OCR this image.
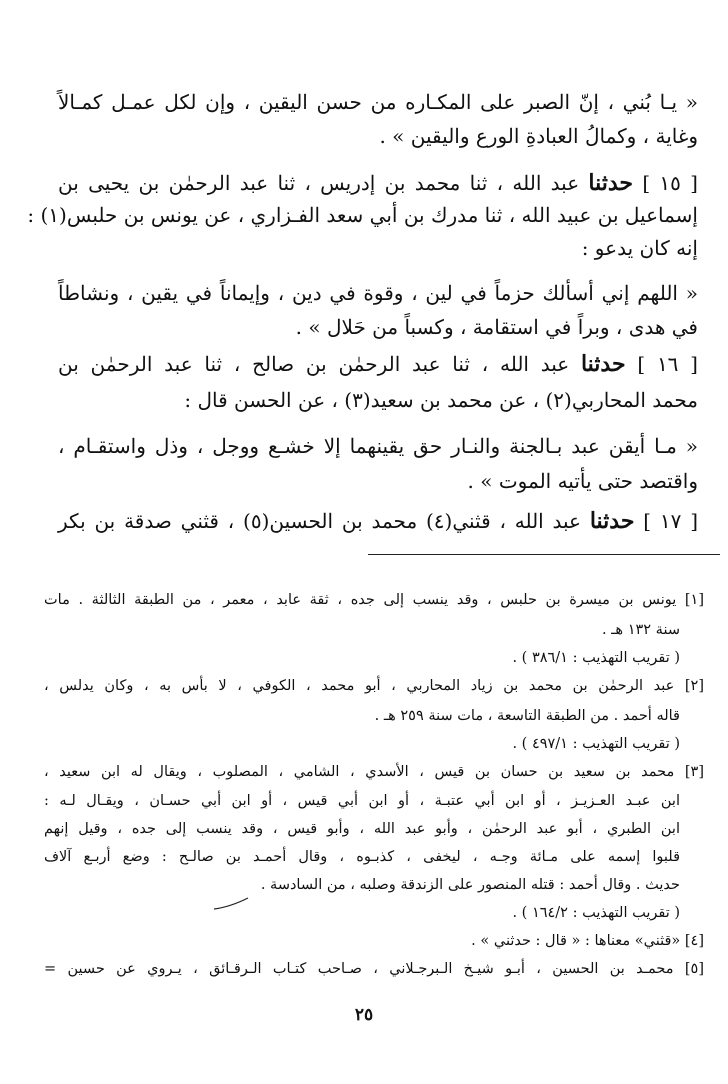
« يـا بُني ، إنّ الصبر على المكـاره من حسن اليقين ، وإن لكل عمـل كمـالاً
وغاية ، وكمالُ العبادةِ الورع واليقين » .
[ ١٥ ] حدثنا عبد الله ، ثنا محمد بن إدريس ، ثنا عبد الرحمٰن بن يحيى بن
إسماعيل بن عبيد الله ، ثنا مدرك بن أبي سعد الفـزاري ، عن يونس بن حلبس(١) :
إنه كان يدعو :
« اللهم إني أسألك حزماً في لين ، وقوة في دين ، وإيماناً في يقين ، ونشاطاً
في هدى ، وبراً في استقامة ، وكسباً من حَلال » .
[ ١٦ ] حدثنا عبد الله ، ثنا عبد الرحمٰن بن صالح ، ثنا عبد الرحمٰن بن
محمد المحاربي(٢) ، عن محمد بن سعيد(٣) ، عن الحسن قال :
« مـا أيقن عبد بـالجنة والنـار حق يقينهما إلا خشـع ووجل ، وذل واستقـام ،
واقتصد حتى يأتيه الموت » .
[ ١٧ ] حدثنا عبد الله ، قثني(٤) محمد بن الحسين(٥) ، قثني صدقة بن بكر
[١] يونس بن ميسرة بن حلبس ، وقد ينسب إلى جده ، ثقة عابد ، معمر ، من الطبقة الثالثة . مات
سنة ١٣٢ هـ .
( تقريب التهذيب : ٣٨٦/١ ) .
[٢] عبد الرحمٰن بن محمد بن زياد المحاربي ، أبو محمد ، الكوفي ، لا بأس به ، وكان يدلس ،
قاله أحمد . من الطبقة التاسعة ، مات سنة ٢٥٩ هـ .
( تقريب التهذيب : ٤٩٧/١ ) .
[٣] محمد بن سعيد بن حسان بن قيس ، الأسدي ، الشامي ، المصلوب ، ويقال له ابن سعيد ،
ابن عبـد العـزيـز ، أو ابن أبي عتبـة ، أو ابن أبي قيس ، أو ابن أبي حسـان ، ويقـال لـه :
ابن الطبري ، أبو عبد الرحمٰن ، وأبو عبد الله ، وأبو قيس ، وقد ينسب إلى جده ، وقيل إنهم
قلبوا إسمه على مـائة وجـه ، ليخفى ، كذبـوه ، وقال أحمـد بن صالـح : وضع أربـع آلاف
حديث . وقال أحمد : قتله المنصور على الزندقة وصلبه ، من السادسة .
( تقريب التهذيب : ١٦٤/٢ ) .
[٤] «قثني» معناها : « قال : حدثني » .
[٥] محمـد بن الحسين ، أبـو شيـخ الـبرجـلاني ، صـاحب كتـاب الـرقـائق ، يـروي عن حسين =
٢٥
